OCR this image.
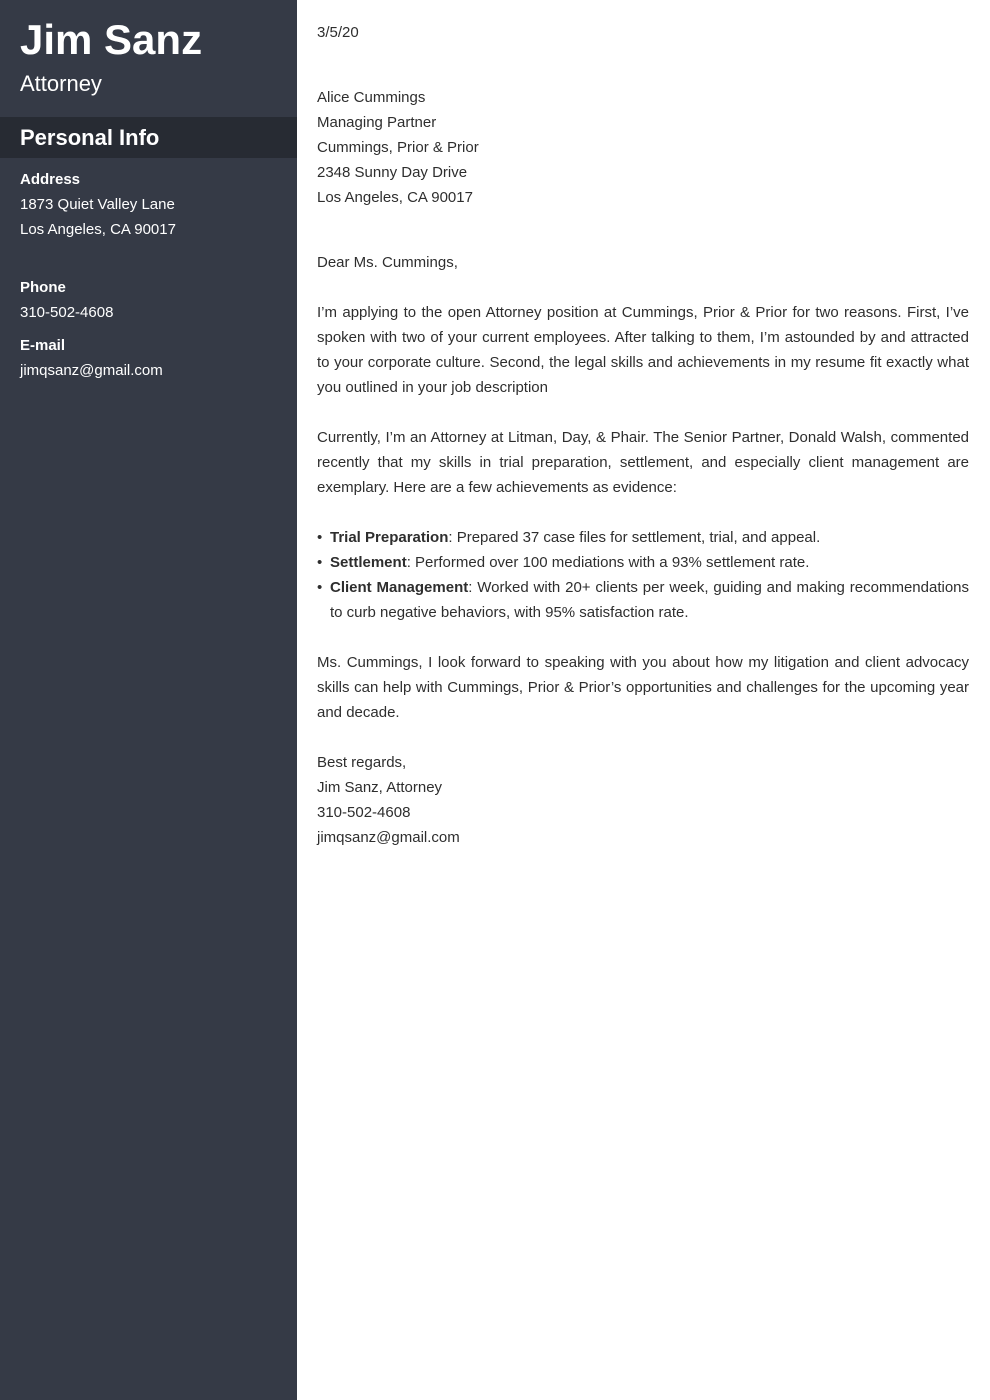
Jim Sanz
Attorney
Personal Info
Address
1873 Quiet Valley Lane
Los Angeles, CA 90017
Phone
310-502-4608
E-mail
jimqsanz@gmail.com

3/5/20

Alice Cummings
Managing Partner
Cummings, Prior & Prior
2348 Sunny Day Drive
Los Angeles, CA 90017

Dear Ms. Cummings,

I’m applying to the open Attorney position at Cummings, Prior & Prior for two reasons. First, I’ve spoken with two of your current employees. After talking to them, I’m astounded by and attracted to your corporate culture. Second, the legal skills and achievements in my resume fit exactly what you outlined in your job description

Currently, I’m an Attorney at Litman, Day, & Phair. The Senior Partner, Donald Walsh, commented recently that my skills in trial preparation, settlement, and especially client management are exemplary. Here are a few achievements as evidence:

• Trial Preparation: Prepared 37 case files for settlement, trial, and appeal.
• Settlement: Performed over 100 mediations with a 93% settlement rate.
• Client Management: Worked with 20+ clients per week, guiding and making recommendations to curb negative behaviors, with 95% satisfaction rate.

Ms. Cummings, I look forward to speaking with you about how my litigation and client advocacy skills can help with Cummings, Prior & Prior’s opportunities and challenges for the upcoming year and decade.

Best regards,
Jim Sanz, Attorney
310-502-4608
jimqsanz@gmail.com
